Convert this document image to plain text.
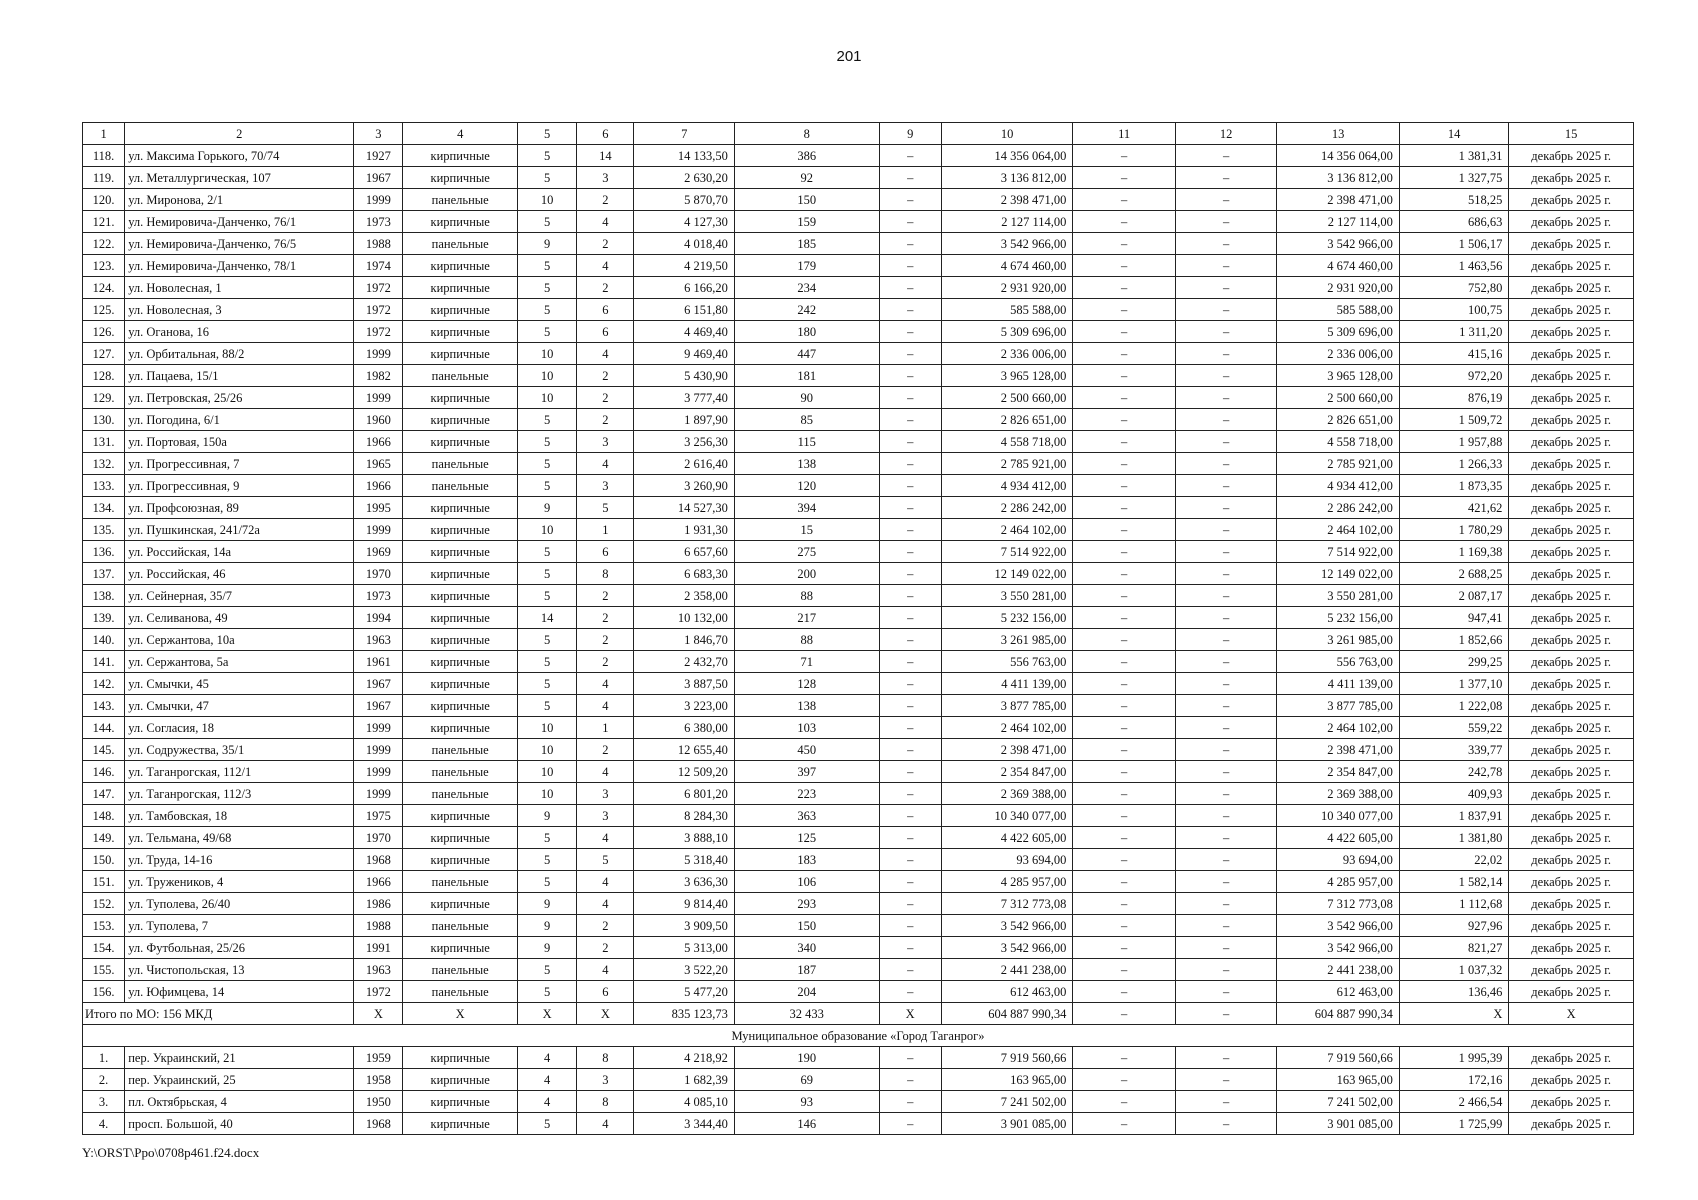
201
1	2	3	4	5	6	7	8	9	10	11	12	13	14	15
118.	ул. Максима Горького, 70/74	1927	кирпичные	5	14	14 133,50	386	–	14 356 064,00	–	–	14 356 064,00	1 381,31	декабрь 2025 г.
119.	ул. Металлургическая, 107	1967	кирпичные	5	3	2 630,20	92	–	3 136 812,00	–	–	3 136 812,00	1 327,75	декабрь 2025 г.
120.	ул. Миронова, 2/1	1999	панельные	10	2	5 870,70	150	–	2 398 471,00	–	–	2 398 471,00	518,25	декабрь 2025 г.
121.	ул. Немировича-Данченко, 76/1	1973	кирпичные	5	4	4 127,30	159	–	2 127 114,00	–	–	2 127 114,00	686,63	декабрь 2025 г.
122.	ул. Немировича-Данченко, 76/5	1988	панельные	9	2	4 018,40	185	–	3 542 966,00	–	–	3 542 966,00	1 506,17	декабрь 2025 г.
123.	ул. Немировича-Данченко, 78/1	1974	кирпичные	5	4	4 219,50	179	–	4 674 460,00	–	–	4 674 460,00	1 463,56	декабрь 2025 г.
124.	ул. Новолесная, 1	1972	кирпичные	5	2	6 166,20	234	–	2 931 920,00	–	–	2 931 920,00	752,80	декабрь 2025 г.
125.	ул. Новолесная, 3	1972	кирпичные	5	6	6 151,80	242	–	585 588,00	–	–	585 588,00	100,75	декабрь 2025 г.
126.	ул. Оганова, 16	1972	кирпичные	5	6	4 469,40	180	–	5 309 696,00	–	–	5 309 696,00	1 311,20	декабрь 2025 г.
127.	ул. Орбитальная, 88/2	1999	кирпичные	10	4	9 469,40	447	–	2 336 006,00	–	–	2 336 006,00	415,16	декабрь 2025 г.
128.	ул. Пацаева, 15/1	1982	панельные	10	2	5 430,90	181	–	3 965 128,00	–	–	3 965 128,00	972,20	декабрь 2025 г.
129.	ул. Петровская, 25/26	1999	кирпичные	10	2	3 777,40	90	–	2 500 660,00	–	–	2 500 660,00	876,19	декабрь 2025 г.
130.	ул. Погодина, 6/1	1960	кирпичные	5	2	1 897,90	85	–	2 826 651,00	–	–	2 826 651,00	1 509,72	декабрь 2025 г.
131.	ул. Портовая, 150а	1966	кирпичные	5	3	3 256,30	115	–	4 558 718,00	–	–	4 558 718,00	1 957,88	декабрь 2025 г.
132.	ул. Прогрессивная, 7	1965	панельные	5	4	2 616,40	138	–	2 785 921,00	–	–	2 785 921,00	1 266,33	декабрь 2025 г.
133.	ул. Прогрессивная, 9	1966	панельные	5	3	3 260,90	120	–	4 934 412,00	–	–	4 934 412,00	1 873,35	декабрь 2025 г.
134.	ул. Профсоюзная, 89	1995	кирпичные	9	5	14 527,30	394	–	2 286 242,00	–	–	2 286 242,00	421,62	декабрь 2025 г.
135.	ул. Пушкинская, 241/72а	1999	кирпичные	10	1	1 931,30	15	–	2 464 102,00	–	–	2 464 102,00	1 780,29	декабрь 2025 г.
136.	ул. Российская, 14а	1969	кирпичные	5	6	6 657,60	275	–	7 514 922,00	–	–	7 514 922,00	1 169,38	декабрь 2025 г.
137.	ул. Российская, 46	1970	кирпичные	5	8	6 683,30	200	–	12 149 022,00	–	–	12 149 022,00	2 688,25	декабрь 2025 г.
138.	ул. Сейнерная, 35/7	1973	кирпичные	5	2	2 358,00	88	–	3 550 281,00	–	–	3 550 281,00	2 087,17	декабрь 2025 г.
139.	ул. Селиванова, 49	1994	кирпичные	14	2	10 132,00	217	–	5 232 156,00	–	–	5 232 156,00	947,41	декабрь 2025 г.
140.	ул. Сержантова, 10а	1963	кирпичные	5	2	1 846,70	88	–	3 261 985,00	–	–	3 261 985,00	1 852,66	декабрь 2025 г.
141.	ул. Сержантова, 5а	1961	кирпичные	5	2	2 432,70	71	–	556 763,00	–	–	556 763,00	299,25	декабрь 2025 г.
142.	ул. Смычки, 45	1967	кирпичные	5	4	3 887,50	128	–	4 411 139,00	–	–	4 411 139,00	1 377,10	декабрь 2025 г.
143.	ул. Смычки, 47	1967	кирпичные	5	4	3 223,00	138	–	3 877 785,00	–	–	3 877 785,00	1 222,08	декабрь 2025 г.
144.	ул. Согласия, 18	1999	кирпичные	10	1	6 380,00	103	–	2 464 102,00	–	–	2 464 102,00	559,22	декабрь 2025 г.
145.	ул. Содружества, 35/1	1999	панельные	10	2	12 655,40	450	–	2 398 471,00	–	–	2 398 471,00	339,77	декабрь 2025 г.
146.	ул. Таганрогская, 112/1	1999	панельные	10	4	12 509,20	397	–	2 354 847,00	–	–	2 354 847,00	242,78	декабрь 2025 г.
147.	ул. Таганрогская, 112/3	1999	панельные	10	3	6 801,20	223	–	2 369 388,00	–	–	2 369 388,00	409,93	декабрь 2025 г.
148.	ул. Тамбовская, 18	1975	кирпичные	9	3	8 284,30	363	–	10 340 077,00	–	–	10 340 077,00	1 837,91	декабрь 2025 г.
149.	ул. Тельмана, 49/68	1970	кирпичные	5	4	3 888,10	125	–	4 422 605,00	–	–	4 422 605,00	1 381,80	декабрь 2025 г.
150.	ул. Труда, 14-16	1968	кирпичные	5	5	5 318,40	183	–	93 694,00	–	–	93 694,00	22,02	декабрь 2025 г.
151.	ул. Тружеников, 4	1966	панельные	5	4	3 636,30	106	–	4 285 957,00	–	–	4 285 957,00	1 582,14	декабрь 2025 г.
152.	ул. Туполева, 26/40	1986	кирпичные	9	4	9 814,40	293	–	7 312 773,08	–	–	7 312 773,08	1 112,68	декабрь 2025 г.
153.	ул. Туполева, 7	1988	панельные	9	2	3 909,50	150	–	3 542 966,00	–	–	3 542 966,00	927,96	декабрь 2025 г.
154.	ул. Футбольная, 25/26	1991	кирпичные	9	2	5 313,00	340	–	3 542 966,00	–	–	3 542 966,00	821,27	декабрь 2025 г.
155.	ул. Чистопольская, 13	1963	панельные	5	4	3 522,20	187	–	2 441 238,00	–	–	2 441 238,00	1 037,32	декабрь 2025 г.
156.	ул. Юфимцева, 14	1972	панельные	5	6	5 477,20	204	–	612 463,00	–	–	612 463,00	136,46	декабрь 2025 г.
Итого по МО: 156 МКД		X	X	X	X	835 123,73	32 433	X	604 887 990,34	–	–	604 887 990,34	X	X
Муниципальное образование «Город Таганрог»														
1.	пер. Украинский, 21	1959	кирпичные	4	8	4 218,92	190	–	7 919 560,66	–	–	7 919 560,66	1 995,39	декабрь 2025 г.
2.	пер. Украинский, 25	1958	кирпичные	4	3	1 682,39	69	–	163 965,00	–	–	163 965,00	172,16	декабрь 2025 г.
3.	пл. Октябрьская, 4	1950	кирпичные	4	8	4 085,10	93	–	7 241 502,00	–	–	7 241 502,00	2 466,54	декабрь 2025 г.
4.	просп. Большой, 40	1968	кирпичные	5	4	3 344,40	146	–	3 901 085,00	–	–	3 901 085,00	1 725,99	декабрь 2025 г.
Y:\ORST\Ppo\0708p461.f24.docx
